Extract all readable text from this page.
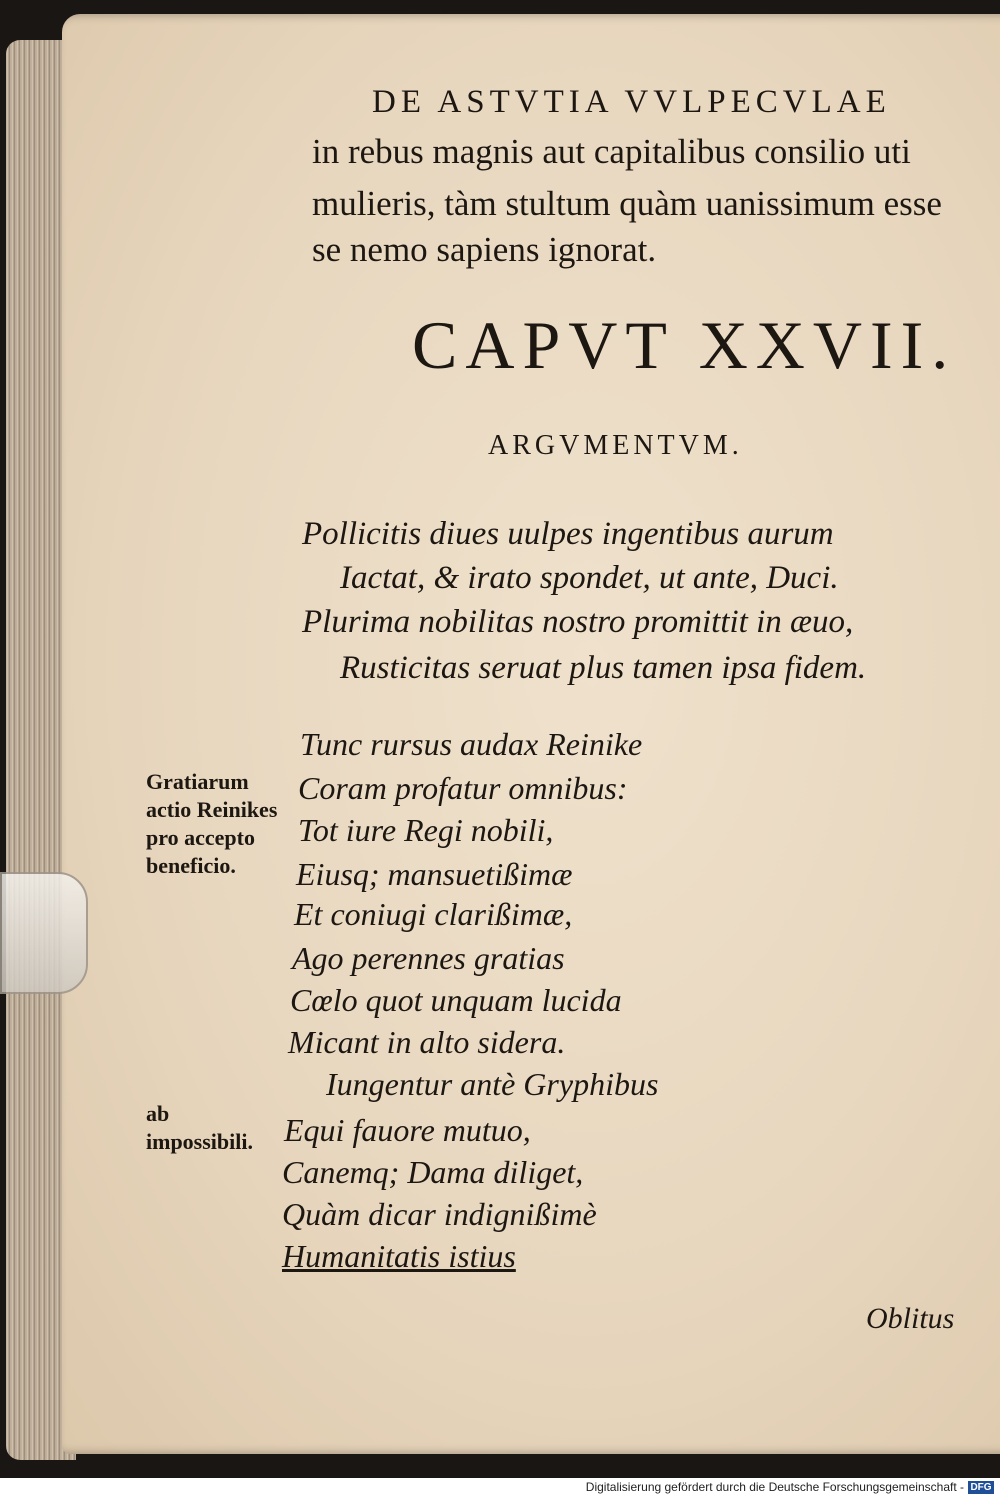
DE ASTVTIA VVLPECVLAE
in rebus magnis aut capitalibus consilio uti
mulieris, tàm stultum quàm uanissimum esse
se nemo sapiens ignorat.
CAPVT XXVII.
ARGVMENTVM.
Pollicitis diues uulpes ingentibus aurum
Iactat, & irato spondet, ut ante, Duci.
Plurima nobilitas nostro promittit in æuo,
Rusticitas seruat plus tamen ipsa fidem.
Tunc rursus audax Reinike
Coram profatur omnibus:
Tot iure Regi nobili,
Eiusq; mansuetißimæ
Et coniugi clarißimæ,
Ago perennes gratias
Cœlo quot unquam lucida
Micant in alto sidera.
Iungentur antè Gryphibus
Equi fauore mutuo,
Canemq; Dama diliget,
Quàm dicar indignißimè
Humanitatis istius
Gratiarum actio Reinikes pro accepto beneficio.
ab impossibili.
Oblitus
Digitalisierung gefördert durch die Deutsche Forschungsgemeinschaft - DFG
